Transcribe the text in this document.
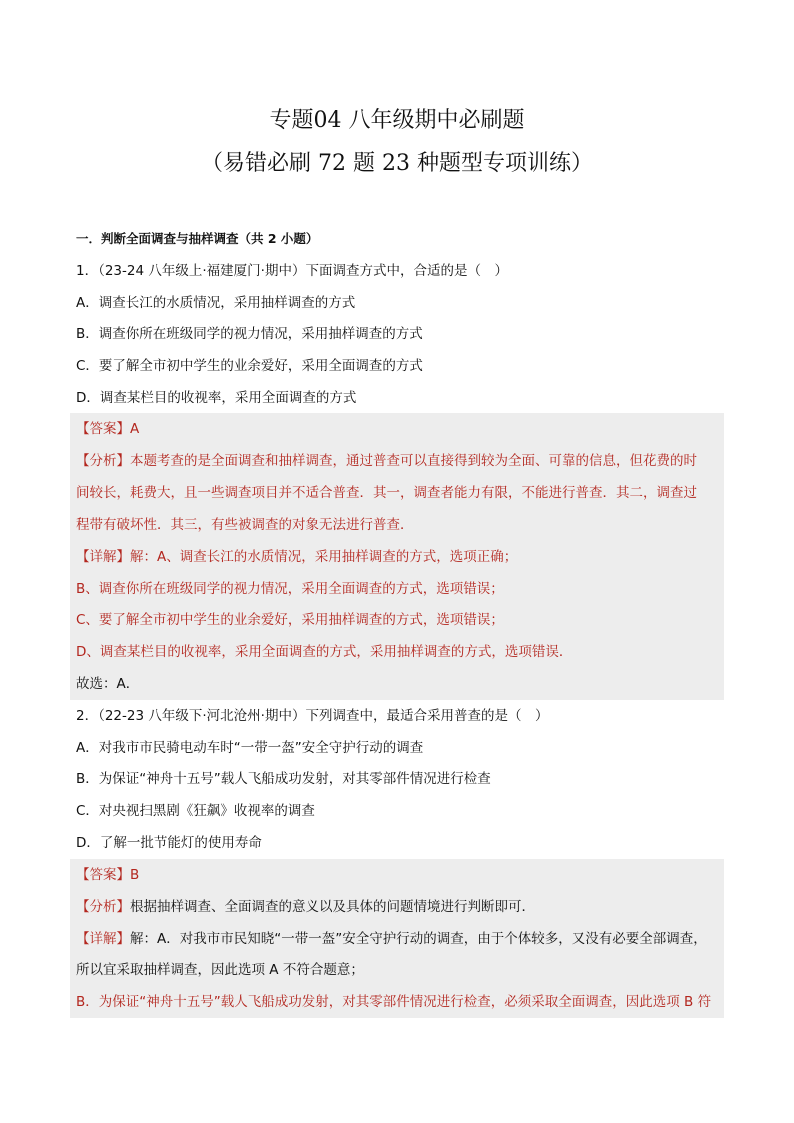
专题04 八年级期中必刷题
（易错必刷 72 题 23 种题型专项训练）
一．判断全面调查与抽样调查（共 2 小题）
1．（23-24 八年级上·福建厦门·期中）下面调查方式中，合适的是（　）
A．调查长江的水质情况，采用抽样调查的方式
B．调查你所在班级同学的视力情况，采用抽样调查的方式
C．要了解全市初中学生的业余爱好，采用全面调查的方式
D．调查某栏目的收视率，采用全面调查的方式
【答案】A
【分析】本题考查的是全面调查和抽样调查，通过普查可以直接得到较为全面、可靠的信息，但花费的时
间较长，耗费大，且一些调查项目并不适合普查．其一，调查者能力有限，不能进行普查．其二，调查过
程带有破坏性．其三，有些被调查的对象无法进行普查．
【详解】解：A、调查长江的水质情况，采用抽样调查的方式，选项正确；
B、调查你所在班级同学的视力情况，采用全面调查的方式，选项错误；
C、要了解全市初中学生的业余爱好，采用抽样调查的方式，选项错误；
D、调查某栏目的收视率，采用全面调查的方式，采用抽样调查的方式，选项错误．
故选：A．
2．（22-23 八年级下·河北沧州·期中）下列调查中，最适合采用普查的是（　）
A．对我市市民骑电动车时“一带一盔”安全守护行动的调查
B．为保证“神舟十五号”载人飞船成功发射，对其零部件情况进行检查
C．对央视扫黑剧《狂飙》收视率的调查
D．了解一批节能灯的使用寿命
【答案】B
【分析】根据抽样调查、全面调查的意义以及具体的问题情境进行判断即可．
【详解】解：A．对我市市民知晓“一带一盔”安全守护行动的调查，由于个体较多，又没有必要全部调查，
所以宜采取抽样调查，因此选项 A 不符合题意；
B．为保证“神舟十五号”载人飞船成功发射，对其零部件情况进行检查，必须采取全面调查，因此选项 B 符
